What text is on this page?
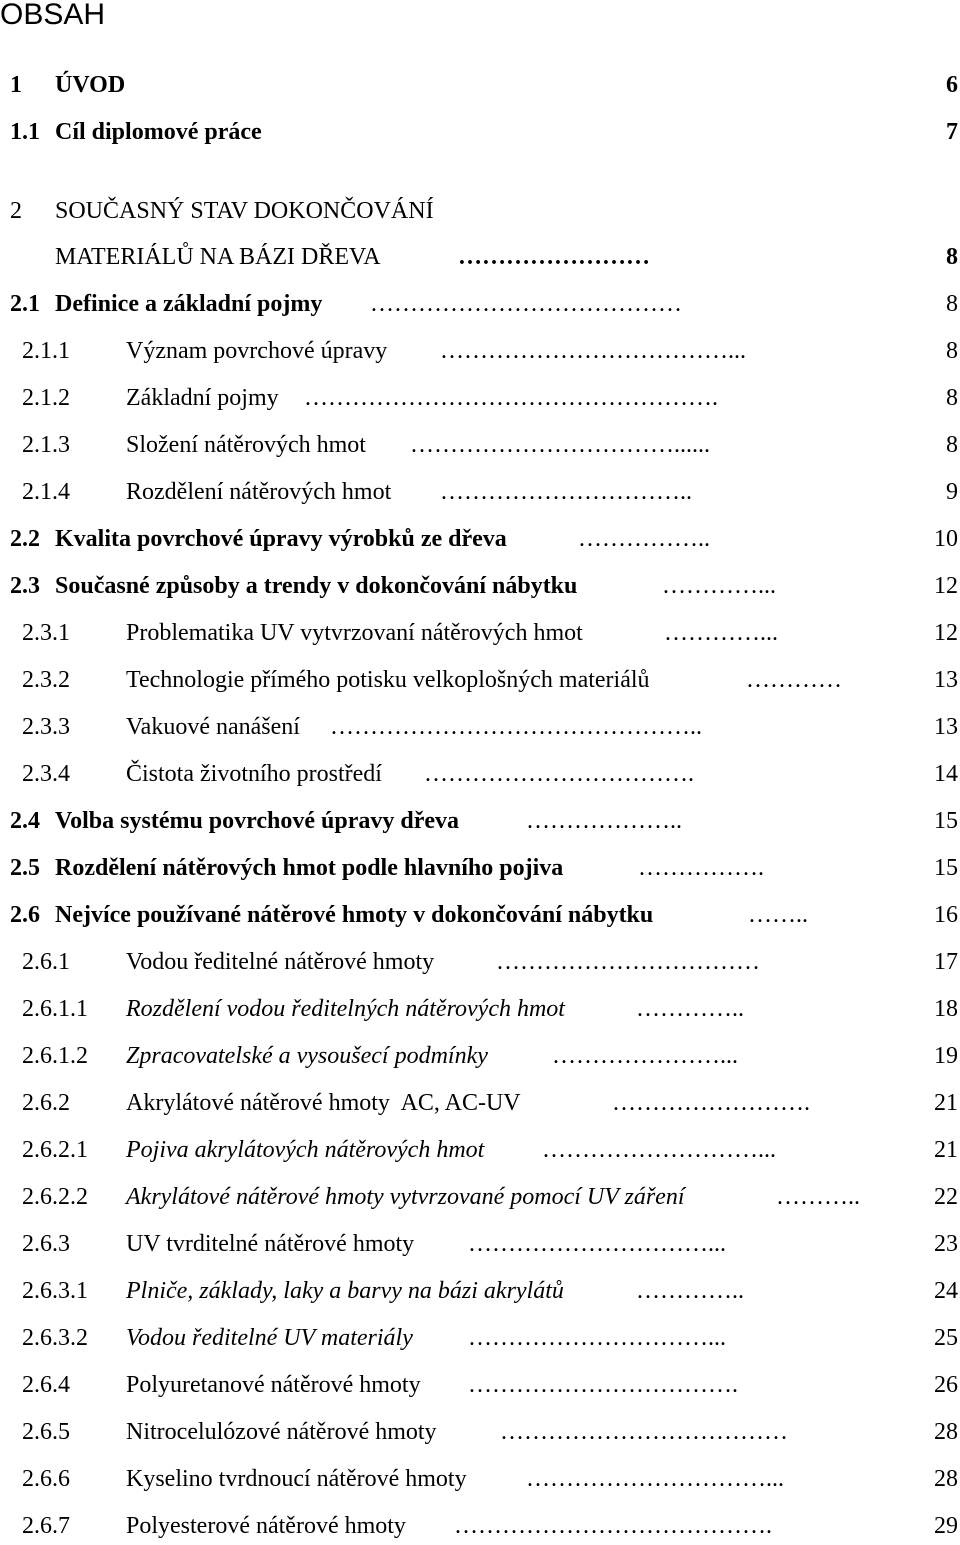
OBSAH
1 ÚVOD	6
1.1 Cíl diplomové práce	7
2 SOUČASNÝ STAV DOKONČOVÁNÍ
MATERIÁLŮ NA BÁZI DŘEVA	……………………	8
2.1 Definice a základní pojmy …………………………………	8
2.1.1 Význam povrchové úpravy ………………………………...	8
2.1.2 Základní pojmy …………………………………………….	8
2.1.3 Složení nátěrových hmot ……………………………......	8
2.1.4 Rozdělení nátěrových hmot …………………………..	9
2.2 Kvalita povrchové úpravy výrobků ze dřeva	……………..	10
2.3 Současné způsoby a trendy v dokončování nábytku	…………...	12
2.3.1 Problematika UV vytvrzovaní nátěrových hmot	…………...	12
2.3.2 Technologie přímého potisku velkoplošných materiálů	…………	13
2.3.3 Vakuové nanášení ………………………………………..	13
2.3.4 Čistota životního prostředí …………………………….	14
2.4 Volba systému povrchové úpravy dřeva	………………..	15
2.5 Rozdělení nátěrových hmot podle hlavního pojiva	…………….	15
2.6 Nejvíce používané nátěrové hmoty v dokončování nábytku	……..	16
2.6.1 Vodou ředitelné nátěrové hmoty	……………………………	17
2.6.1.1 Rozdělení vodou ředitelných nátěrových hmot	…………..	18
2.6.1.2 Zpracovatelské a vysoušecí podmínky	…………………...	19
2.6.2 Akrylátové nátěrové hmoty  AC, AC-UV	…………………….	21
2.6.2.1 Pojiva akrylátových nátěrových hmot ………………………...	21
2.6.2.2 Akrylátové nátěrové hmoty vytvrzované pomocí UV záření	………..	22
2.6.3 UV tvrditelné nátěrové hmoty …………………………...	23
2.6.3.1 Plniče, základy, laky a barvy na bázi akrylátů	…………..	24
2.6.3.2 Vodou ředitelné UV materiály …………………………...	25
2.6.4 Polyuretanové nátěrové hmoty …………………………….	26
2.6.5 Nitrocelulózové nátěrové hmoty	………………………………	28
2.6.6 Kyselino tvrdnoucí nátěrové hmoty …………………………...	28
2.6.7 Polyesterové nátěrové hmoty ………………………………….	29
